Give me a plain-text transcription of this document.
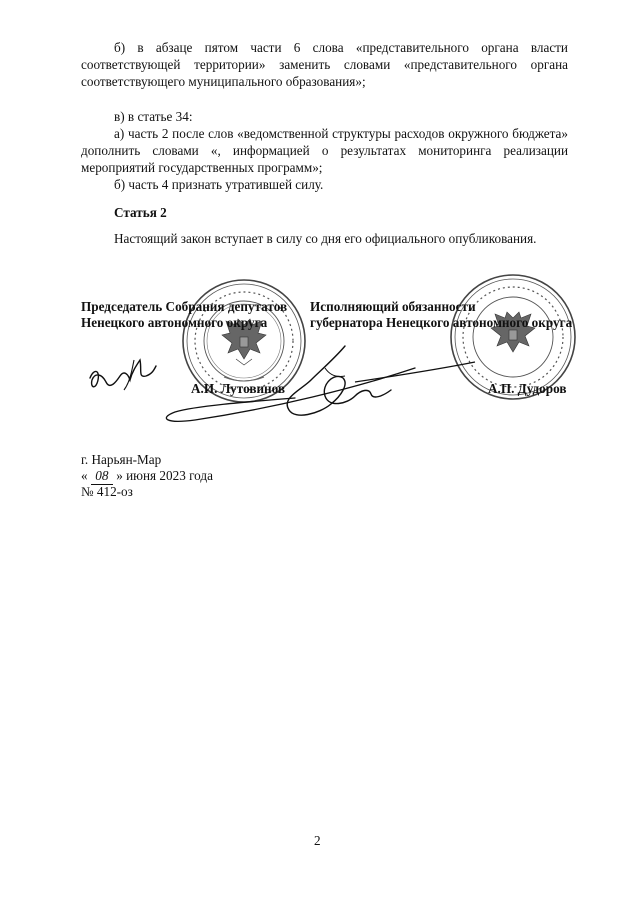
б) в абзаце пятом части 6 слова «представительного органа власти
соответствующей территории» заменить словами «представительного органа
соответствующего муниципального образования»;
в) в статье 34:
а) часть 2 после слов «ведомственной структуры расходов окружного бюджета»
дополнить словами «, информацией о результатах мониторинга реализации
мероприятий государственных программ»;
б) часть 4 признать утратившей силу.
Статья 2
Настоящий закон вступает в силу со дня его официального опубликования.
Председатель Собрания депутатов
Ненецкого автономного округа
Исполняющий обязанности
губернатора Ненецкого автономного округа
А.И. Лутовинов	А.П. Дудоров
г. Нарьян-Мар
« 08 » июня 2023 года
№ 412-оз
2
